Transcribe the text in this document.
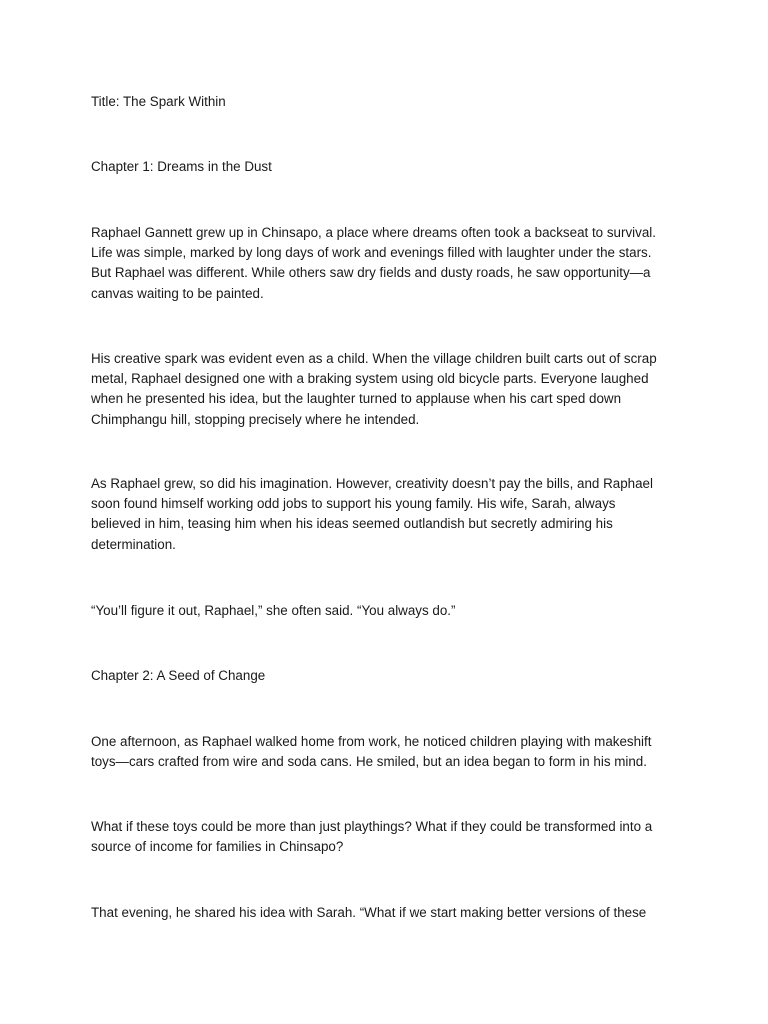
Title: The Spark Within

Chapter 1: Dreams in the Dust

Raphael Gannett grew up in Chinsapo, a place where dreams often took a backseat to survival.
Life was simple, marked by long days of work and evenings filled with laughter under the stars.
But Raphael was different. While others saw dry fields and dusty roads, he saw opportunity—a
canvas waiting to be painted.
His creative spark was evident even as a child. When the village children built carts out of scrap
metal, Raphael designed one with a braking system using old bicycle parts. Everyone laughed
when he presented his idea, but the laughter turned to applause when his cart sped down
Chimphangu hill, stopping precisely where he intended.
As Raphael grew, so did his imagination. However, creativity doesn’t pay the bills, and Raphael
soon found himself working odd jobs to support his young family. His wife, Sarah, always
believed in him, teasing him when his ideas seemed outlandish but secretly admiring his
determination.

“You’ll figure it out, Raphael,” she often said. “You always do.”

Chapter 2: A Seed of Change

One afternoon, as Raphael walked home from work, he noticed children playing with makeshift
toys—cars crafted from wire and soda cans. He smiled, but an idea began to form in his mind.
What if these toys could be more than just playthings? What if they could be transformed into a
source of income for families in Chinsapo?

That evening, he shared his idea with Sarah. “What if we start making better versions of these
